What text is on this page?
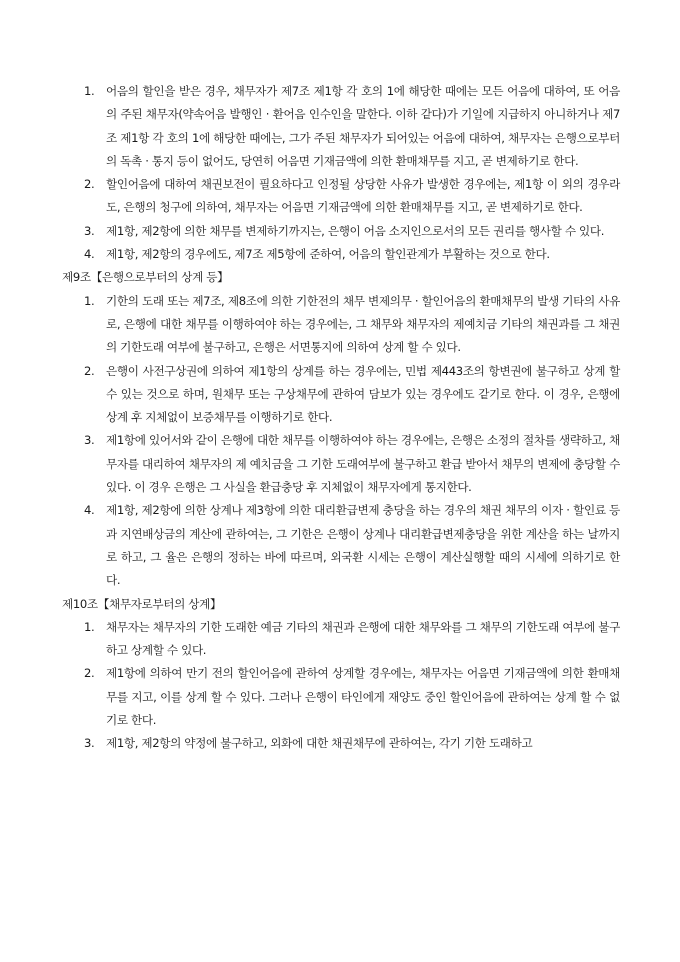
1.	어음의 할인을 받은 경우, 채무자가 제7조 제1항 각 호의 1에 해당한 때에는 모든 어음에 대하여, 또 어음의 주된 채무자(약속어음 발행인 · 환어음 인수인을 말한다. 이하 같다)가 기일에 지급하지 아니하거나 제7조 제1항 각 호의 1에 해당한 때에는, 그가 주된 채무자가 되어있는 어음에 대하여, 채무자는 은행으로부터의 독촉 · 통지 등이 없어도, 당연히 어음면 기재금액에 의한 환매채무를 지고, 곧 변제하기로 한다.
2.	할인어음에 대하여 채권보전이 필요하다고 인정될 상당한 사유가 발생한 경우에는, 제1항 이 외의 경우라도, 은행의 청구에 의하여, 채무자는 어음면 기재금액에 의한 환매채무를 지고, 곧 변제하기로 한다.
3.	제1항, 제2항에 의한 채무를 변제하기까지는, 은행이 어음 소지인으로서의 모든 권리를 행사할 수 있다.
4.	제1항, 제2항의 경우에도, 제7조 제5항에 준하여, 어음의 할인관계가 부활하는 것으로 한다.
제9조【은행으로부터의 상계 등】
1.	기한의 도래 또는 제7조, 제8조에 의한 기한전의 채무 변제의무 · 할인어음의 환매채무의 발생 기타의 사유로, 은행에 대한 채무를 이행하여야 하는 경우에는, 그 채무와 채무자의 제예치금 기타의 채권과를 그 채권의 기한도래 여부에 불구하고, 은행은 서면통지에 의하여 상계 할 수 있다.
2.	은행이 사전구상권에 의하여 제1항의 상계를 하는 경우에는, 민법 제443조의 항변권에 불구하고 상계 할 수 있는 것으로 하며, 원채무 또는 구상채무에 관하여 담보가 있는 경우에도 같기로 한다. 이 경우, 은행에 상계 후 지체없이 보증채무를 이행하기로 한다.
3.	제1항에 있어서와 같이 은행에 대한 채무를 이행하여야 하는 경우에는, 은행은 소정의 절차를 생략하고, 채무자를 대리하여 채무자의 제 예치금을 그 기한 도래여부에 불구하고 환급 받아서 채무의 변제에 충당할 수 있다. 이 경우 은행은 그 사실을 환급충당 후 지체없이 채무자에게 통지한다.
4.	제1항, 제2항에 의한 상계나 제3항에 의한 대리환급변제 충당을 하는 경우의 채권 채무의 이자 · 할인료 등과 지연배상금의 계산에 관하여는, 그 기한은 은행이 상계나 대리환급변제충당을 위한 계산을 하는 날까지로 하고, 그 율은 은행의 정하는 바에 따르며, 외국환 시세는 은행이 계산실행할 때의 시세에 의하기로 한다.
제10조【채무자로부터의 상계】
1.	채무자는 채무자의 기한 도래한 예금 기타의 채권과 은행에 대한 채무와를 그 채무의 기한도래 여부에 불구하고 상계할 수 있다.
2.	제1항에 의하여 만기 전의 할인어음에 관하여 상계할 경우에는, 채무자는 어음면 기재금액에 의한 환매채무를 지고, 이를 상계 할 수 있다. 그러나 은행이 타인에게 재양도 중인 할인어음에 관하여는 상계 할 수 없기로 한다.
3.	제1항, 제2항의 약정에 불구하고, 외화에 대한 채권채무에 관하여는, 각기 기한 도래하고
